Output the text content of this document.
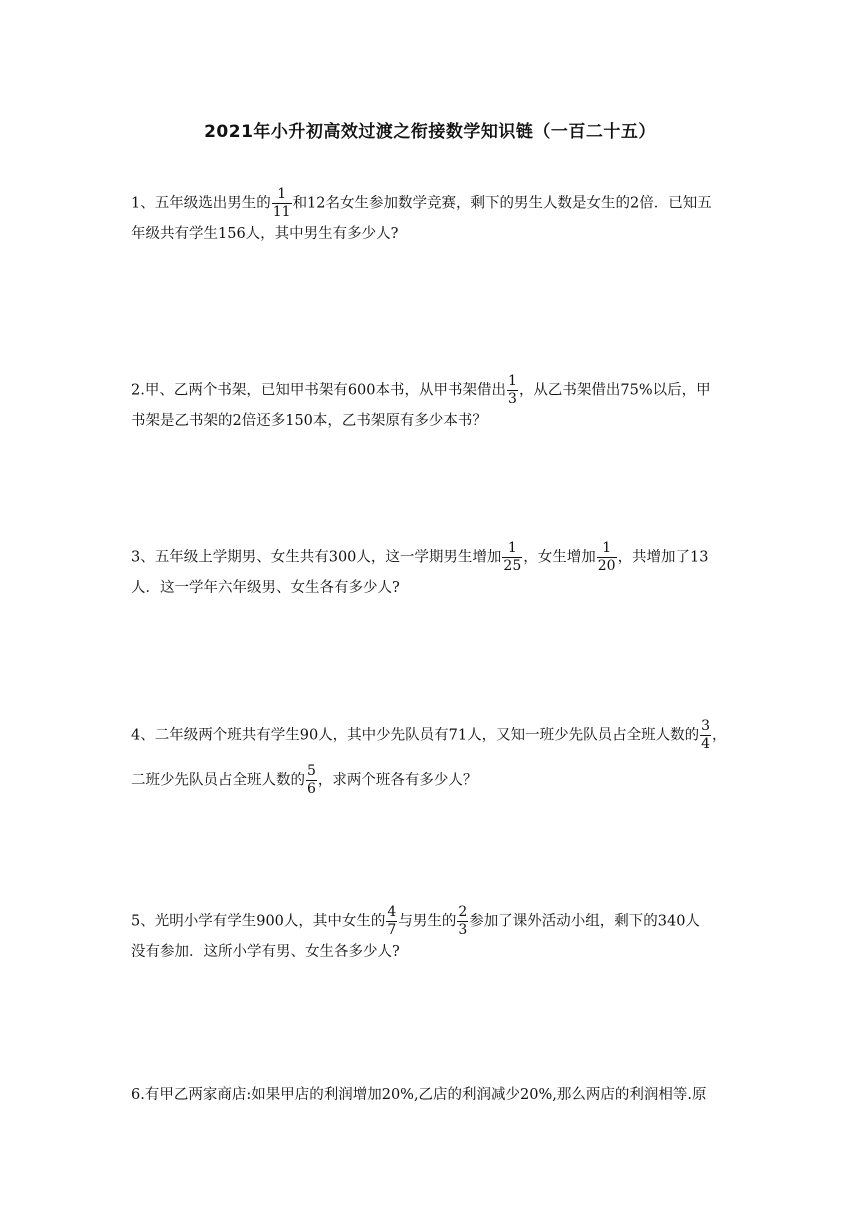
2021年小升初高效过渡之衔接数学知识链（一百二十五）
1、五年级选出男生的 $\frac{1}{11}$ 和12名女生参加数学竞赛，剩下的男生人数是女生的2倍．已知五
年级共有学生156人，其中男生有多少人?
2.甲、乙两个书架，已知甲书架有600本书，从甲书架借出 $\frac{1}{3}$ ，从乙书架借出75%以后，甲
书架是乙书架的2倍还多150本，乙书架原有多少本书？
3、五年级上学期男、女生共有300人，这一学期男生增加 $\frac{1}{25}$ ，女生增加 $\frac{1}{20}$ ，共增加了13
人．这一学年六年级男、女生各有多少人?
4、二年级两个班共有学生90人，其中少先队员有71人，又知一班少先队员占全班人数的 $\frac{3}{4}$ ，
二班少先队员占全班人数的 $\frac{5}{6}$ ，求两个班各有多少人？
5、光明小学有学生900人，其中女生的 $\frac{4}{7}$ 与男生的 $\frac{2}{3}$ 参加了课外活动小组，剩下的340人
没有参加．这所小学有男、女生各多少人?
6.有甲乙两家商店:如果甲店的利润增加20%,乙店的利润减少20%,那么两店的利润相等.原
